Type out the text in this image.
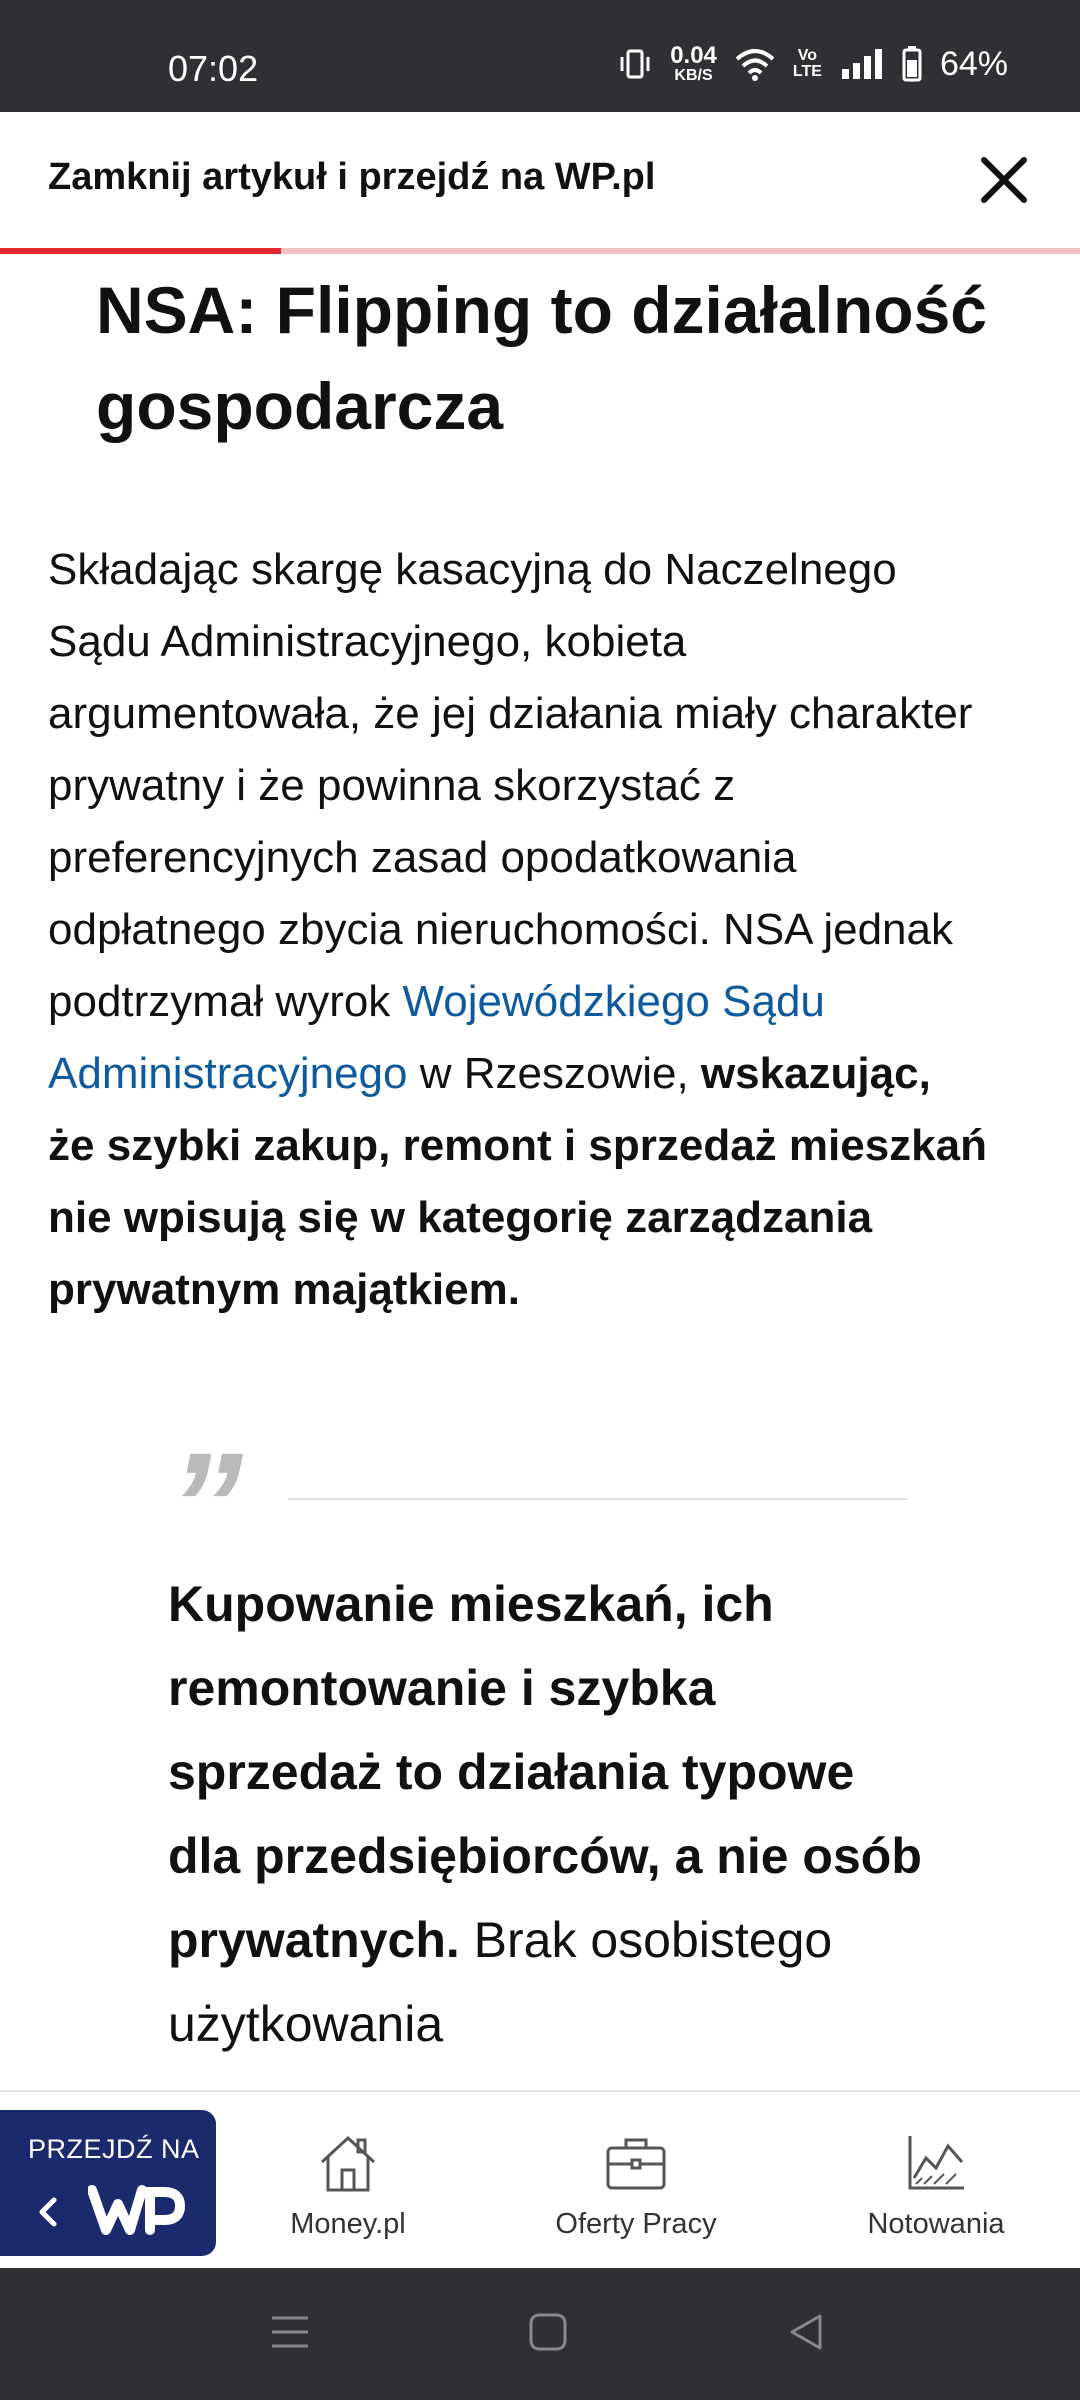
07:02	0.04
KB/S
Vo
LTE	64%
Zamknij artykuł i przejdź na WP.pl
NSA: Flipping to działalność gospodarcza

Składając skargę kasacyjną do Naczelnego Sądu Administracyjnego, kobieta argumentowała, że jej działania miały charakter prywatny i że powinna skorzystać z preferencyjnych zasad opodatkowania odpłatnego zbycia nieruchomości. NSA jednak podtrzymał wyrok Wojewódzkiego Sądu Administracyjnego w Rzeszowie, wskazując, że szybki zakup, remont i sprzedaż mieszkań nie wpisują się w kategorię zarządzania prywatnym majątkiem.

”

Kupowanie mieszkań, ich remontowanie i szybka sprzedaż to działania typowe dla przedsiębiorców, a nie osób prywatnych. Brak osobistego użytkowania

PRZEJDŹ NA
Money.pl	Oferty Pracy	Notowania
